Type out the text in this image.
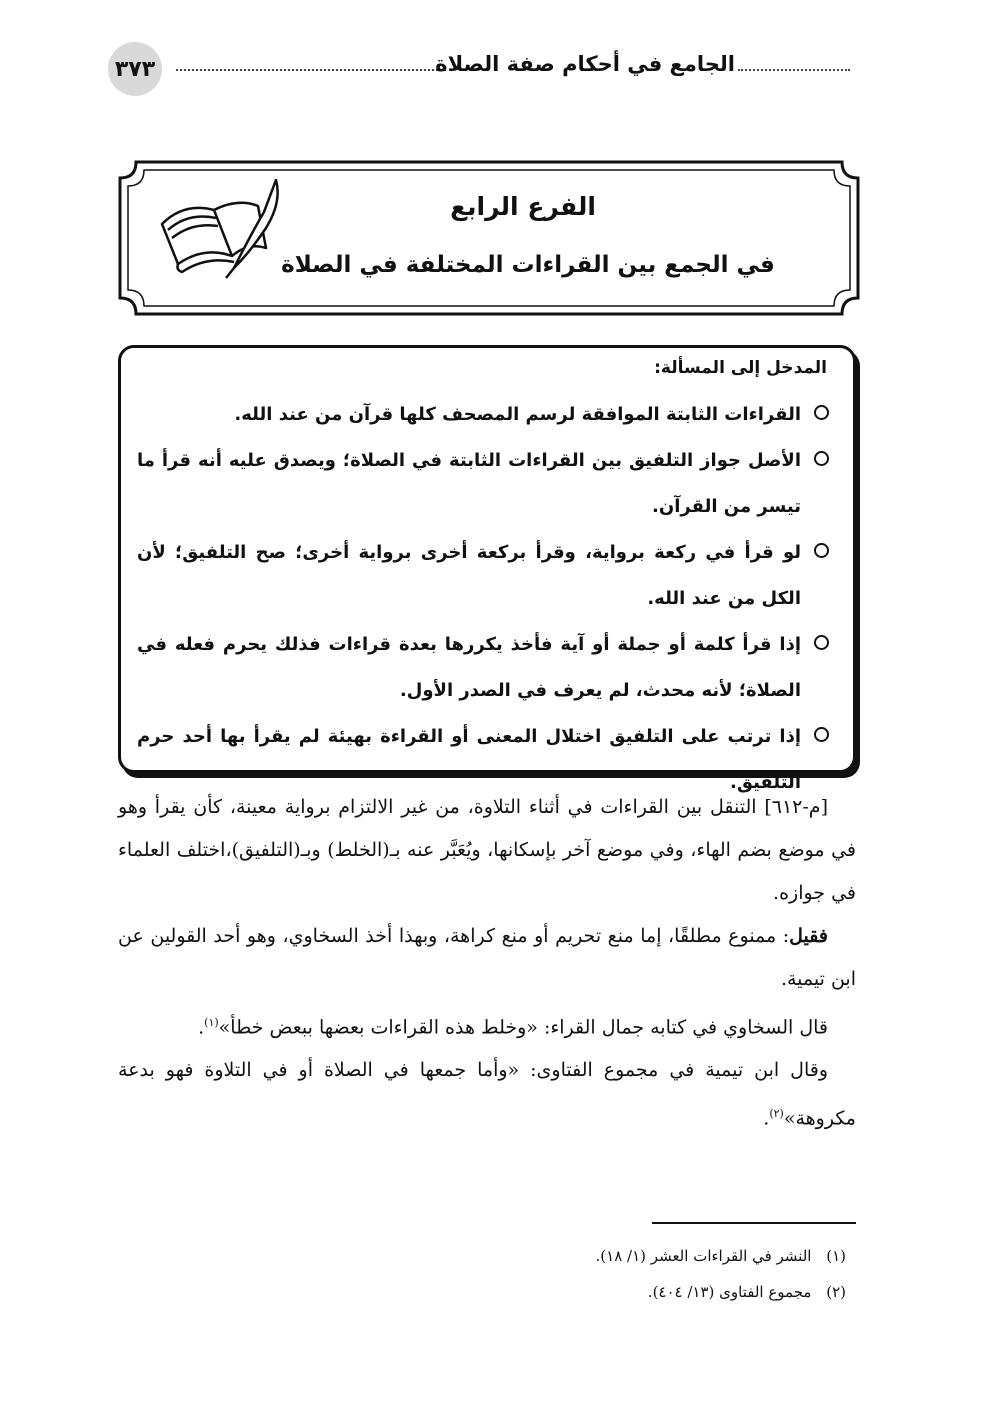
٣٧٣	الجامع في أحكام صفة الصلاة
الفرع الرابع
في الجمع بين القراءات المختلفة في الصلاة
المدخل إلى المسألة:
القراءات الثابتة الموافقة لرسم المصحف كلها قرآن من عند الله.
الأصل جواز التلفيق بين القراءات الثابتة في الصلاة؛ ويصدق عليه أنه قرأ ما تيسر من القرآن.
لو قرأ في ركعة برواية، وقرأ بركعة أخرى برواية أخرى؛ صح التلفيق؛ لأن الكل من عند الله.
إذا قرأ كلمة أو جملة أو آية فأخذ يكررها بعدة قراءات فذلك يحرم فعله في الصلاة؛ لأنه محدث، لم يعرف في الصدر الأول.
إذا ترتب على التلفيق اختلال المعنى أو القراءة بهيئة لم يقرأ بها أحد حرم التلفيق.

[م-٦١٢] التنقل بين القراءات في أثناء التلاوة، من غير الالتزام برواية معينة، كأن يقرأ وهو في موضع بضم الهاء، وفي موضع آخر بإسكانها، ويُعَبَّر عنه بـ(الخلط) وبـ(التلفيق)،اختلف العلماء في جوازه.

فقيل: ممنوع مطلقًا، إما منع تحريم أو منع كراهة، وبهذا أخذ السخاوي، وهو أحد القولين عن ابن تيمية.

قال السخاوي في كتابه جمال القراء: «وخلط هذه القراءات بعضها ببعض خطأ»$^{(١)}$.

وقال ابن تيمية في مجموع الفتاوى: «وأما جمعها في الصلاة أو في التلاوة فهو بدعة مكروهة»$^{(٢)}$.

(١) النشر في القراءات العشر (١/ ١٨).
(٢) مجموع الفتاوى (١٣/ ٤٠٤).
